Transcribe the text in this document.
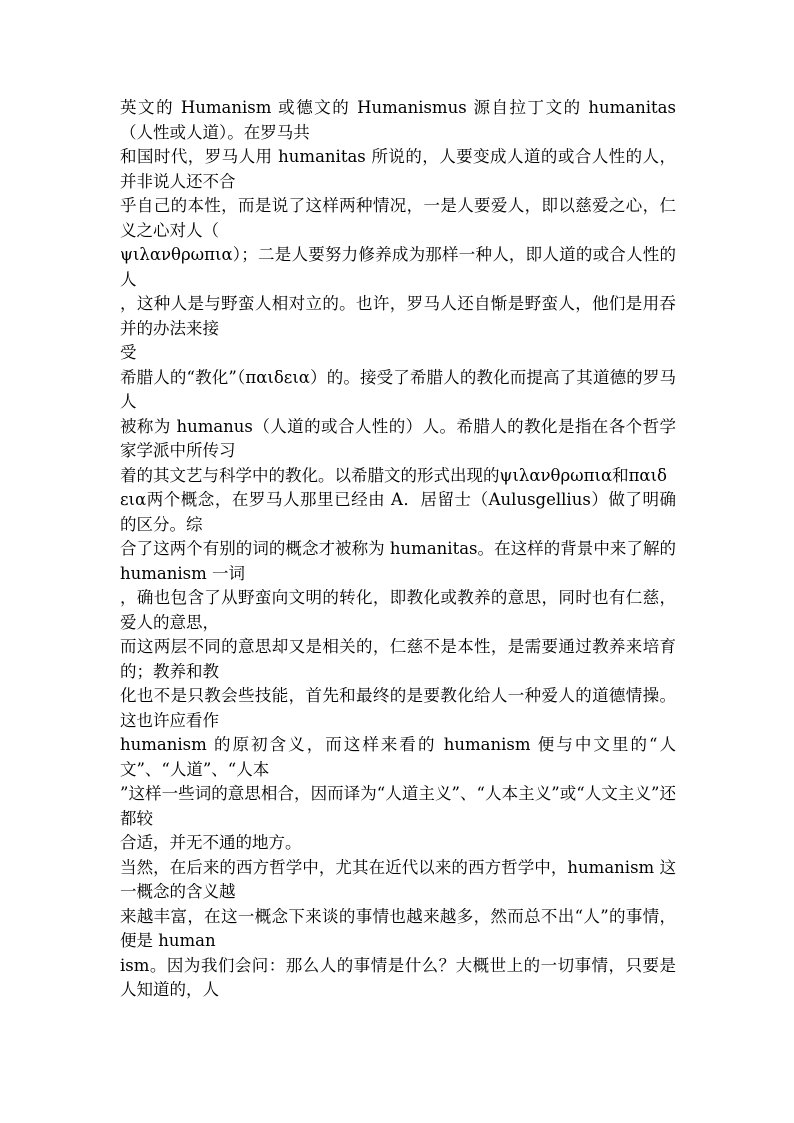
英文的 Humanism 或德文的 Humanismus 源自拉丁文的 humanitas（人性或人道）。在罗马共
和国时代，罗马人用 humanitas 所说的，人要变成人道的或合人性的人，并非说人还不合
乎自己的本性，而是说了这样两种情况，一是人要爱人，即以慈爱之心，仁义之心对人（
ψιλανθρωπια）；二是人要努力修养成为那样一种人，即人道的或合人性的人
，这种人是与野蛮人相对立的。也许，罗马人还自惭是野蛮人，他们是用吞并的办法来接
受
希腊人的“教化”（παιδεια）的。接受了希腊人的教化而提高了其道德的罗马人
被称为 humanus（人道的或合人性的）人。希腊人的教化是指在各个哲学家学派中所传习
着的其文艺与科学中的教化。以希腊文的形式出现的ψιλανθρωπια和παιδ
εια两个概念，在罗马人那里已经由 A．居留士（Aulusgellius）做了明确的区分。综
合了这两个有别的词的概念才被称为 humanitas。在这样的背景中来了解的 humanism 一词
，确也包含了从野蛮向文明的转化，即教化或教养的意思，同时也有仁慈，爱人的意思，
而这两层不同的意思却又是相关的，仁慈不是本性，是需要通过教养来培育的；教养和教
化也不是只教会些技能，首先和最终的是要教化给人一种爱人的道德情操。这也许应看作
humanism 的原初含义，而这样来看的 humanism 便与中文里的“人文”、“人道”、“人本
”这样一些词的意思相合，因而译为“人道主义”、“人本主义”或“人文主义”还都较
合适，并无不通的地方。
当然，在后来的西方哲学中，尤其在近代以来的西方哲学中，humanism 这一概念的含义越
来越丰富，在这一概念下来谈的事情也越来越多，然而总不出“人”的事情，便是 human
ism。因为我们会问：那么人的事情是什么？大概世上的一切事情，只要是人知道的，人
